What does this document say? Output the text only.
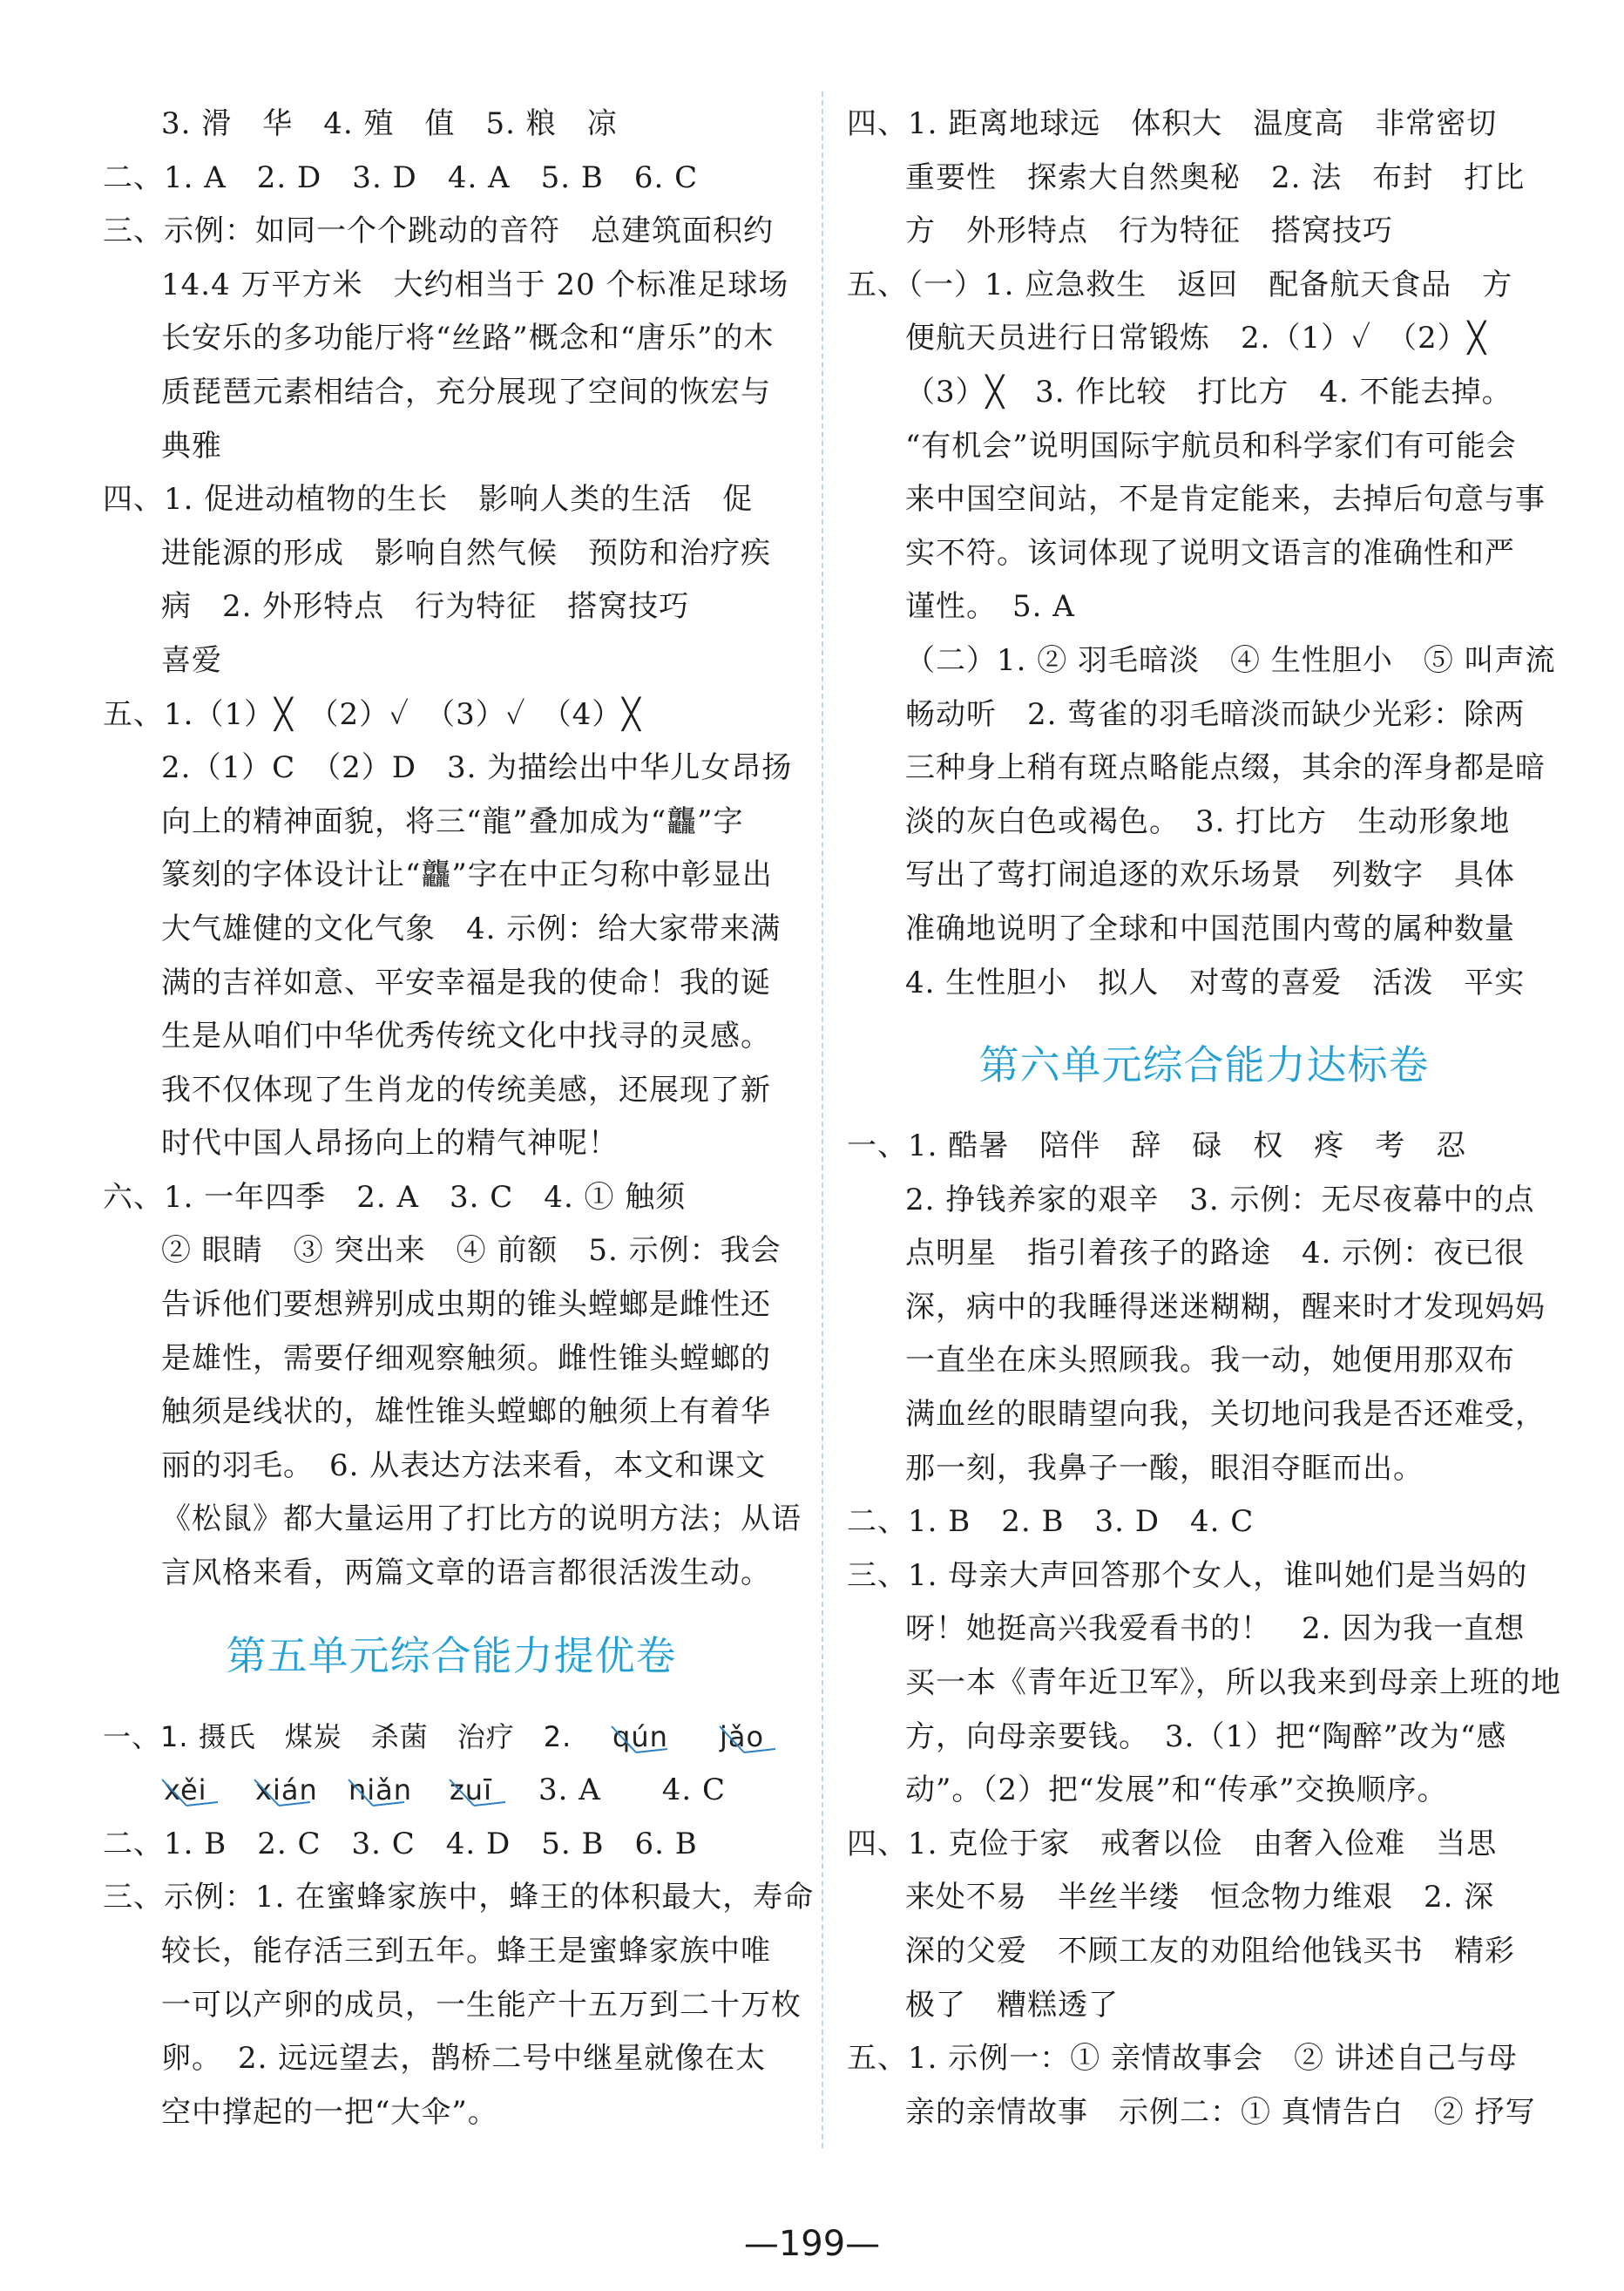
3. 滑　华　4. 殖　值　5. 粮　凉
二、1. A　2. D　3. D　4. A　5. B　6. C
三、示例：如同一个个跳动的音符　总建筑面积约
14.4 万平方米　大约相当于 20 个标准足球场
长安乐的多功能厅将“丝路”概念和“唐乐”的木
质琵琶元素相结合，充分展现了空间的恢宏与
典雅
四、1. 促进动植物的生长　影响人类的生活　促
进能源的形成　影响自然气候　预防和治疗疾
病　2. 外形特点　行为特征　搭窝技巧
喜爱
五、1.（1）╳　（2）✓　（3）✓　（4）╳
2.（1）C　（2）D　3. 为描绘出中华儿女昂扬
向上的精神面貌，将三“龍”叠加成为“龘”字
篆刻的字体设计让“龘”字在中正匀称中彰显出
大气雄健的文化气象　4. 示例：给大家带来满
满的吉祥如意、平安幸福是我的使命！我的诞
生是从咱们中华优秀传统文化中找寻的灵感。
我不仅体现了生肖龙的传统美感，还展现了新
时代中国人昂扬向上的精气神呢！
六、1. 一年四季　2. A　3. C　4. ① 触须
② 眼睛　③ 突出来　④ 前额　5. 示例：我会
告诉他们要想辨别成虫期的锥头螳螂是雌性还
是雄性，需要仔细观察触须。雌性锥头螳螂的
触须是线状的，雄性锥头螳螂的触须上有着华
丽的羽毛。　6. 从表达方法来看，本文和课文
《松鼠》都大量运用了打比方的说明方法；从语
言风格来看，两篇文章的语言都很活泼生动。
第五单元综合能力提优卷
一、1. 摄氏　煤炭　杀菌　治疗　2. qún jǎo
xěi xián niǎn zuī 3. A　　4. C
二、1. B　2. C　3. C　4. D　5. B　6. B
三、示例：1. 在蜜蜂家族中，蜂王的体积最大，寿命
较长，能存活三到五年。蜂王是蜜蜂家族中唯
一可以产卵的成员，一生能产十五万到二十万枚
卵。　2. 远远望去，鹊桥二号中继星就像在太
空中撑起的一把“大伞”。
四、1. 距离地球远　体积大　温度高　非常密切
重要性　探索大自然奥秘　2. 法　布封　打比
方　外形特点　行为特征　搭窝技巧
五、（一）1. 应急救生　返回　配备航天食品　方
便航天员进行日常锻炼　2.（1）✓　（2）╳
（3）╳　3. 作比较　打比方　4. 不能去掉。
“有机会”说明国际宇航员和科学家们有可能会
来中国空间站，不是肯定能来，去掉后句意与事
实不符。该词体现了说明文语言的准确性和严
谨性。　5. A
（二）1. ② 羽毛暗淡　④ 生性胆小　⑤ 叫声流
畅动听　2. 莺雀的羽毛暗淡而缺少光彩：除两
三种身上稍有斑点略能点缀，其余的浑身都是暗
淡的灰白色或褐色。　3. 打比方　生动形象地
写出了莺打闹追逐的欢乐场景　列数字　具体
准确地说明了全球和中国范围内莺的属种数量
4. 生性胆小　拟人　对莺的喜爱　活泼　平实
第六单元综合能力达标卷
一、1. 酷暑　陪伴　辞　碌　权　疼　考　忍
2. 挣钱养家的艰辛　3. 示例：无尽夜幕中的点
点明星　指引着孩子的路途　4. 示例：夜已很
深，病中的我睡得迷迷糊糊，醒来时才发现妈妈
一直坐在床头照顾我。我一动，她便用那双布
满血丝的眼睛望向我，关切地问我是否还难受，
那一刻，我鼻子一酸，眼泪夺眶而出。
二、1. B　2. B　3. D　4. C
三、1. 母亲大声回答那个女人，谁叫她们是当妈的
呀！她挺高兴我爱看书的！　2. 因为我一直想
买一本《青年近卫军》，所以我来到母亲上班的地
方，向母亲要钱。　3.（1）把“陶醉”改为“感
动”。（2）把“发展”和“传承”交换顺序。
四、1. 克俭于家　戒奢以俭　由奢入俭难　当思
来处不易　半丝半缕　恒念物力维艰　2. 深
深的父爱　不顾工友的劝阻给他钱买书　精彩
极了　糟糕透了
五、1. 示例一：① 亲情故事会　② 讲述自己与母
亲的亲情故事　示例二：① 真情告白　② 抒写
—199—
